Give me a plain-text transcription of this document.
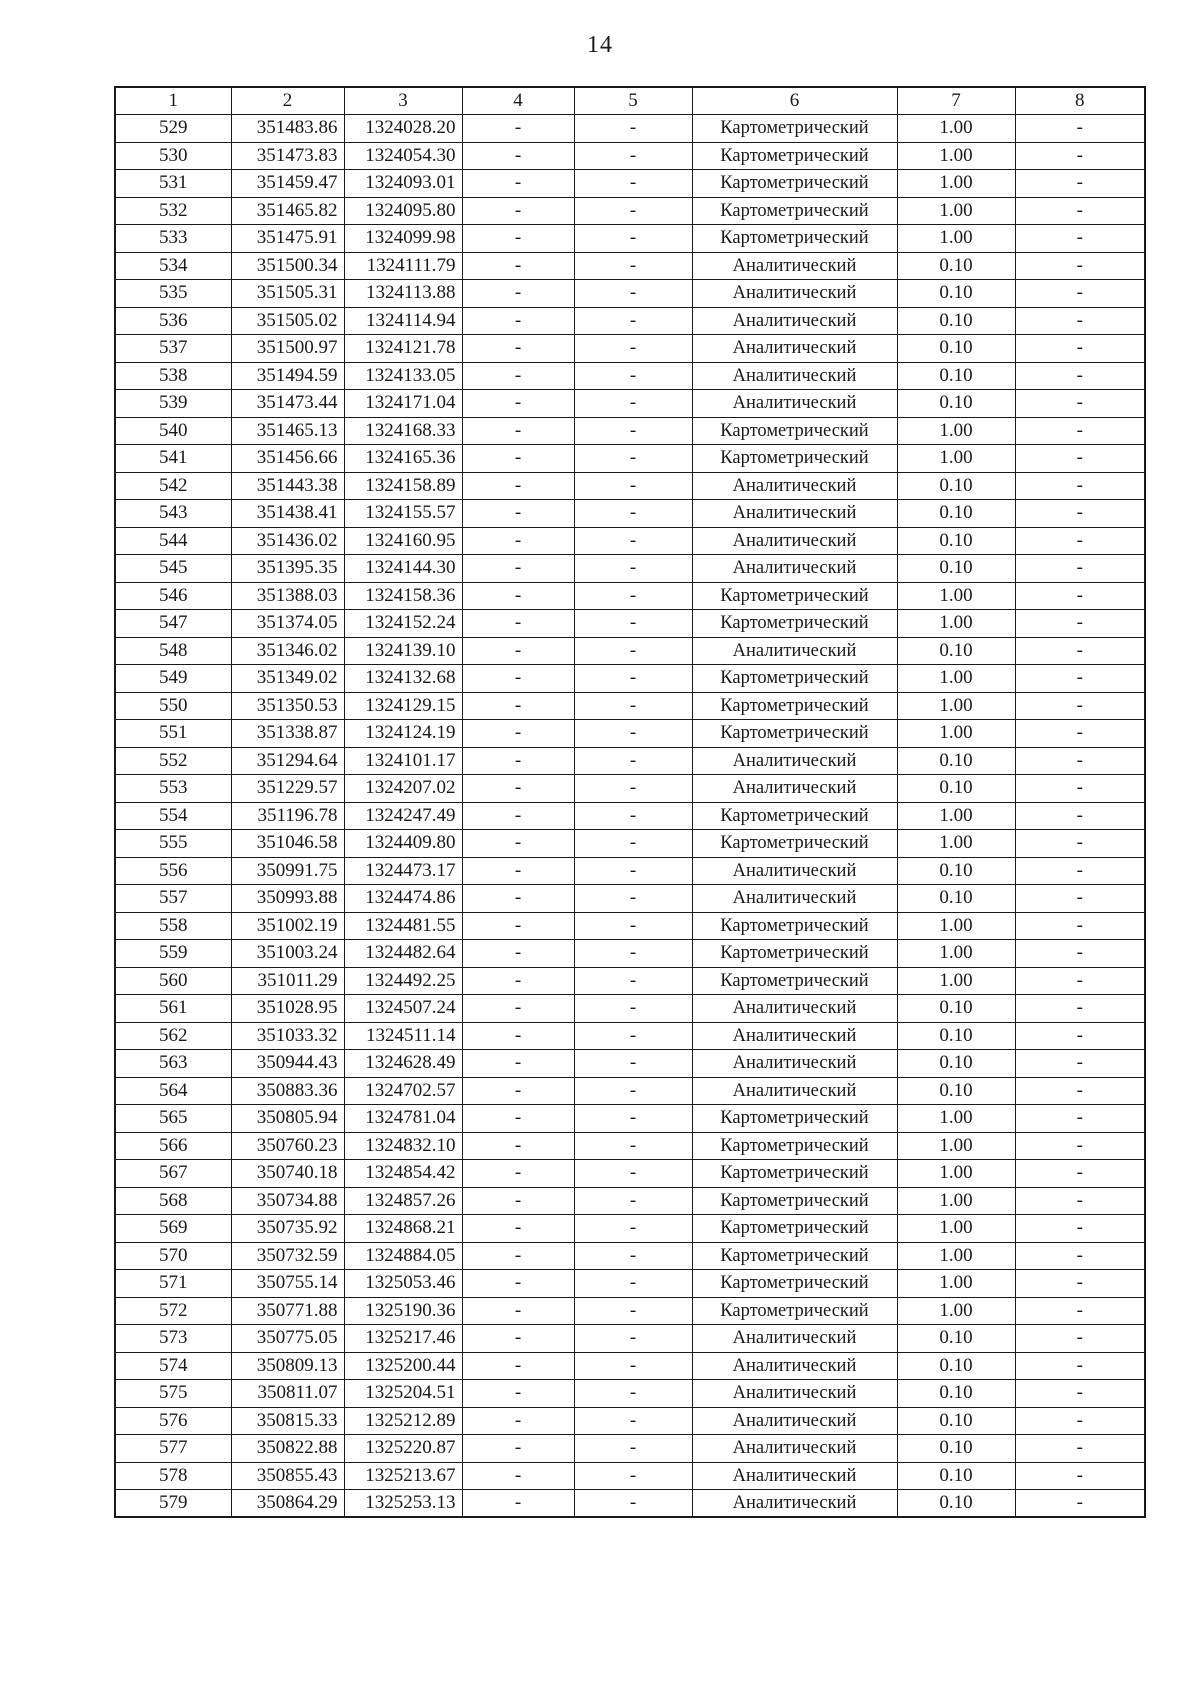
14
1	2	3	4	5	6	7	8
529	351483.86	1324028.20	-	-	Картометрический	1.00	-
530	351473.83	1324054.30	-	-	Картометрический	1.00	-
531	351459.47	1324093.01	-	-	Картометрический	1.00	-
532	351465.82	1324095.80	-	-	Картометрический	1.00	-
533	351475.91	1324099.98	-	-	Картометрический	1.00	-
534	351500.34	1324111.79	-	-	Аналитический	0.10	-
535	351505.31	1324113.88	-	-	Аналитический	0.10	-
536	351505.02	1324114.94	-	-	Аналитический	0.10	-
537	351500.97	1324121.78	-	-	Аналитический	0.10	-
538	351494.59	1324133.05	-	-	Аналитический	0.10	-
539	351473.44	1324171.04	-	-	Аналитический	0.10	-
540	351465.13	1324168.33	-	-	Картометрический	1.00	-
541	351456.66	1324165.36	-	-	Картометрический	1.00	-
542	351443.38	1324158.89	-	-	Аналитический	0.10	-
543	351438.41	1324155.57	-	-	Аналитический	0.10	-
544	351436.02	1324160.95	-	-	Аналитический	0.10	-
545	351395.35	1324144.30	-	-	Аналитический	0.10	-
546	351388.03	1324158.36	-	-	Картометрический	1.00	-
547	351374.05	1324152.24	-	-	Картометрический	1.00	-
548	351346.02	1324139.10	-	-	Аналитический	0.10	-
549	351349.02	1324132.68	-	-	Картометрический	1.00	-
550	351350.53	1324129.15	-	-	Картометрический	1.00	-
551	351338.87	1324124.19	-	-	Картометрический	1.00	-
552	351294.64	1324101.17	-	-	Аналитический	0.10	-
553	351229.57	1324207.02	-	-	Аналитический	0.10	-
554	351196.78	1324247.49	-	-	Картометрический	1.00	-
555	351046.58	1324409.80	-	-	Картометрический	1.00	-
556	350991.75	1324473.17	-	-	Аналитический	0.10	-
557	350993.88	1324474.86	-	-	Аналитический	0.10	-
558	351002.19	1324481.55	-	-	Картометрический	1.00	-
559	351003.24	1324482.64	-	-	Картометрический	1.00	-
560	351011.29	1324492.25	-	-	Картометрический	1.00	-
561	351028.95	1324507.24	-	-	Аналитический	0.10	-
562	351033.32	1324511.14	-	-	Аналитический	0.10	-
563	350944.43	1324628.49	-	-	Аналитический	0.10	-
564	350883.36	1324702.57	-	-	Аналитический	0.10	-
565	350805.94	1324781.04	-	-	Картометрический	1.00	-
566	350760.23	1324832.10	-	-	Картометрический	1.00	-
567	350740.18	1324854.42	-	-	Картометрический	1.00	-
568	350734.88	1324857.26	-	-	Картометрический	1.00	-
569	350735.92	1324868.21	-	-	Картометрический	1.00	-
570	350732.59	1324884.05	-	-	Картометрический	1.00	-
571	350755.14	1325053.46	-	-	Картометрический	1.00	-
572	350771.88	1325190.36	-	-	Картометрический	1.00	-
573	350775.05	1325217.46	-	-	Аналитический	0.10	-
574	350809.13	1325200.44	-	-	Аналитический	0.10	-
575	350811.07	1325204.51	-	-	Аналитический	0.10	-
576	350815.33	1325212.89	-	-	Аналитический	0.10	-
577	350822.88	1325220.87	-	-	Аналитический	0.10	-
578	350855.43	1325213.67	-	-	Аналитический	0.10	-
579	350864.29	1325253.13	-	-	Аналитический	0.10	-
